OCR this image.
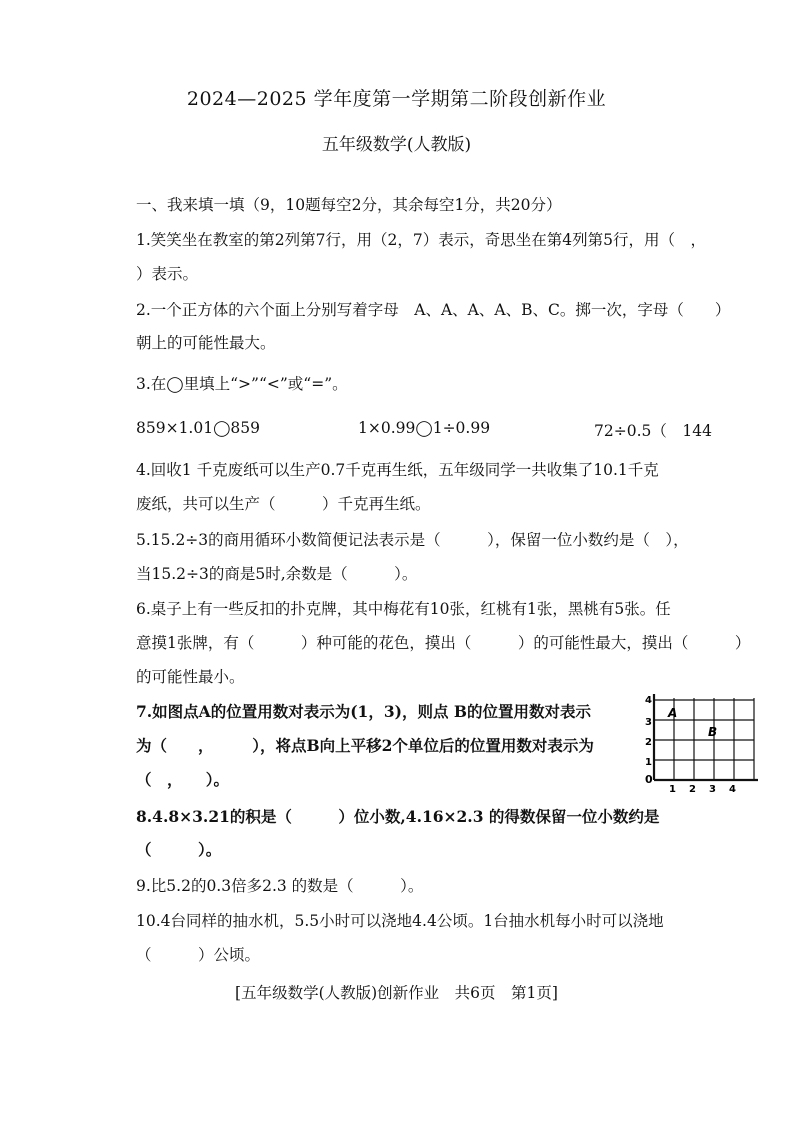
2024—2025 学年度第一学期第二阶段创新作业
五年级数学(人教版)
一、我来填一填（9，10题每空2分，其余每空1分，共20分）
1.笑笑坐在教室的第2列第7行，用（2，7）表示，奇思坐在第4列第5行，用（　，
）表示。
2.一个正方体的六个面上分别写着字母　A、A、A、A、B、C。掷一次，字母（　　）
朝上的可能性最大。
3.在◯里填上“>”“<”或“=”。
859×1.01◯859	1×0.99◯1÷0.99	72÷0.5（　144
4.回收1 千克废纸可以生产0.7千克再生纸，五年级同学一共收集了10.1千克
废纸，共可以生产（　　　）千克再生纸。
5.15.2÷3的商用循环小数简便记法表示是（　　　），保留一位小数约是（　），
当15.2÷3的商是5时,余数是（　　　）。
6.桌子上有一些反扣的扑克牌，其中梅花有10张，红桃有1张，黑桃有5张。任
意摸1张牌，有（　　　）种可能的花色，摸出（　　　）的可能性最大，摸出（　　　）
的可能性最小。
7.如图点A的位置用数对表示为(1，3)，则点 B的位置用数对表示
为（　　，　　　），将点B向上平移2个单位后的位置用数对表示为
（　，　　）。	0
1
2
3
4
1 2 3 4
A
B
8.4.8×3.21的积是（　　　）位小数,4.16×2.3 的得数保留一位小数约是
（　　　）。
9.比5.2的0.3倍多2.3 的数是（　　　）。
10.4台同样的抽水机，5.5小时可以浇地4.4公顷。1台抽水机每小时可以浇地
（　　　）公顷。
[五年级数学(人教版)创新作业　共6页　第1页]
